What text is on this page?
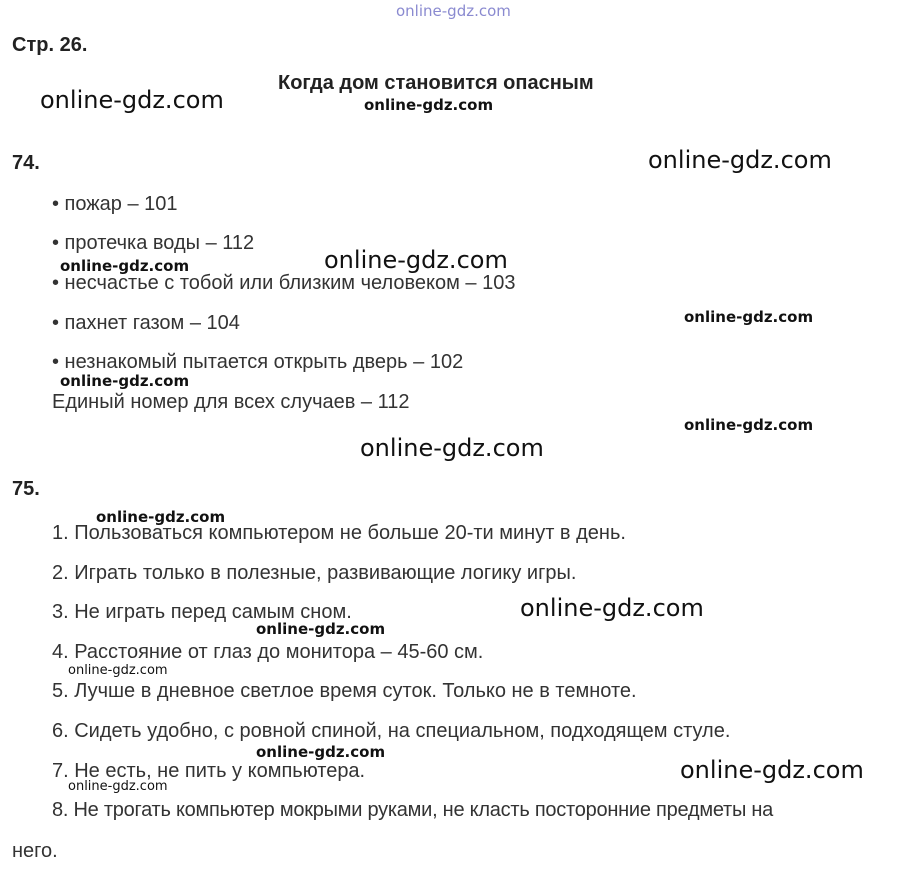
online-gdz.com
Стр. 26.
Когда дом становится опасным
74.
• пожар – 101
• протечка воды – 112
• несчастье с тобой или близким человеком – 103
• пахнет газом – 104
• незнакомый пытается открыть дверь – 102
Единый номер для всех случаев – 112
75.
1. Пользоваться компьютером не больше 20-ти минут в день.
2. Играть только в полезные, развивающие логику игры.
3. Не играть перед самым сном.
4. Расстояние от глаз до монитора – 45-60 см.
5. Лучше в дневное светлое время суток. Только не в темноте.
6. Сидеть удобно, с ровной спиной, на специальном, подходящем стуле.
7. Не есть, не пить у компьютера.
8. Не трогать компьютер мокрыми руками, не класть посторонние предметы на
него.
online-gdz.com	online-gdz.com
online-gdz.com
online-gdz.com
online-gdz.com
online-gdz.com
online-gdz.com
online-gdz.com
online-gdz.com
online-gdz.com
online-gdz.com
online-gdz.com
online-gdz.com
online-gdz.com
online-gdz.com
online-gdz.com
